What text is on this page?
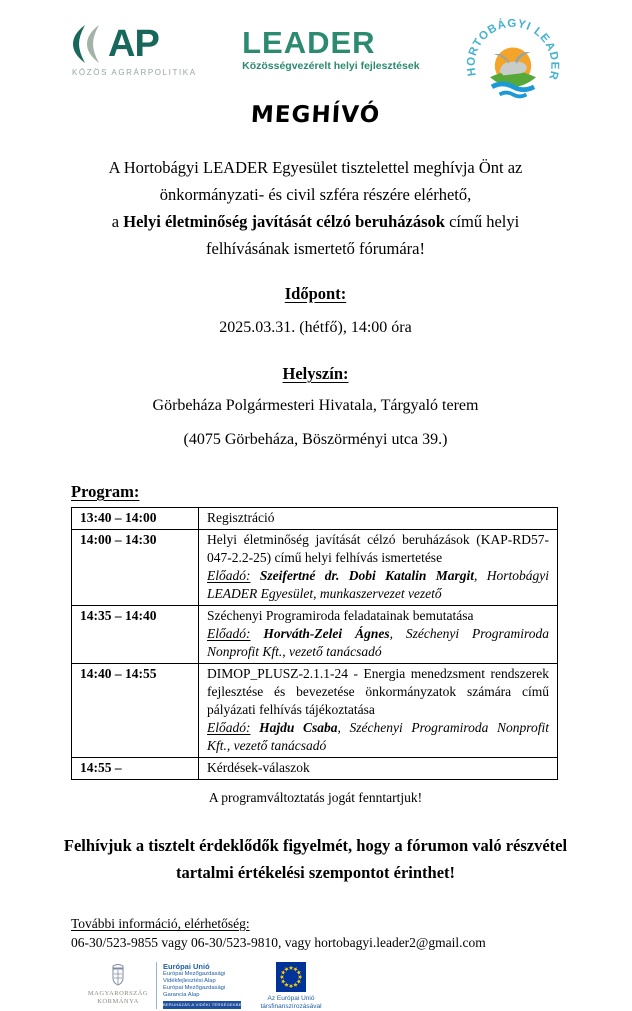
AP
KÖZÖS AGRÁRPOLITIKA
LEADER
Közösségvezérelt helyi fejlesztések	HORTOBÁGYI LEADER
MEGHÍVÓ
A Hortobágyi LEADER Egyesület tisztelettel meghívja Önt az
önkormányzati- és civil szféra részére elérhető,
a Helyi életminőség javítását célzó beruházások című helyi
felhívásának ismertető fórumára!
Időpont:
2025.03.31. (hétfő), 14:00 óra
Helyszín:
Görbeháza Polgármesteri Hivatala, Tárgyaló terem
(4075 Görbeháza, Böszörményi utca 39.)
Program:
13:40 – 14:00	Regisztráció
14:00 – 14:30	Helyi életminőség javítását célzó beruházások (KAP-RD57-047-2.2-25) című helyi felhívás ismertetése
Előadó: Szeifertné dr. Dobi Katalin Margit, Hortobágyi LEADER Egyesület, munkaszervezet vezető

14:35 – 14:40	Széchenyi Programiroda feladatainak bemutatása
Előadó: Horváth-Zelei Ágnes, Széchenyi Programiroda Nonprofit Kft., vezető tanácsadó

14:40 – 14:55	DIMOP_PLUSZ-2.1.1-24 - Energia menedzsment rendszerek fejlesztése és bevezetése önkormányzatok számára című pályázati felhívás tájékoztatása
Előadó: Hajdu Csaba, Széchenyi Programiroda Nonprofit Kft., vezető tanácsadó

14:55 –	Kérdések-válaszok
A programváltoztatás jogát fenntartjuk!
Felhívjuk a tisztelt érdeklődők figyelmét, hogy a fórumon való részvétel
tartalmi értékelési szempontot érinthet!
További információ, elérhetőség:
06-30/523-9855 vagy 06-30/523-9810, vagy hortobagyi.leader2@gmail.com
MAGYARORSZÁG
KORMÁNYA
Európai Unió
Európai Mezőgazdasági
Vidékfejlesztési Alap
Európai Mezőgazdasági
Garancia Alap
BERUHÁZÁS A VIDÉKI TÉRSÉGEKBE
Az Európai Unió
társfinanszírozásával
